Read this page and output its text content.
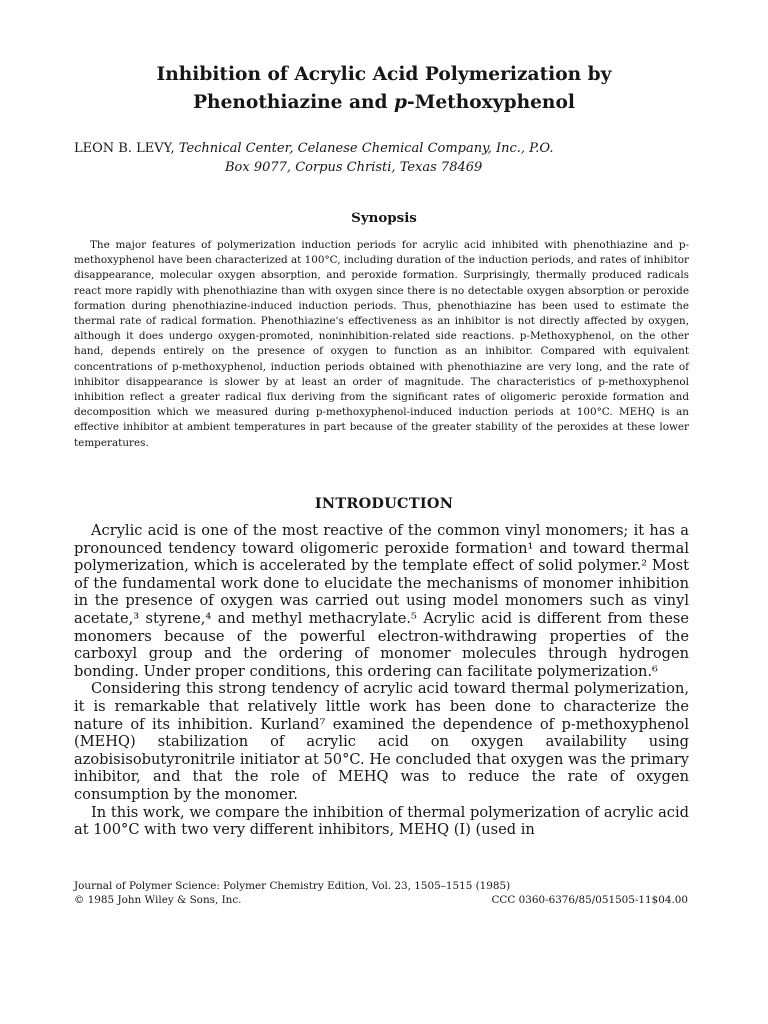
Inhibition of Acrylic Acid Polymerization by
Phenothiazine and p-Methoxyphenol
LEON B. LEVY, Technical Center, Celanese Chemical Company, Inc., P.O.
Box 9077, Corpus Christi, Texas 78469
Synopsis

The major features of polymerization induction periods for acrylic acid inhibited with phenothiazine and p-methoxyphenol have been characterized at 100°C, including duration of the induction periods, and rates of inhibitor disappearance, molecular oxygen absorption, and peroxide formation. Surprisingly, thermally produced radicals react more rapidly with phenothiazine than with oxygen since there is no detectable oxygen absorption or peroxide formation during phenothiazine-induced induction periods. Thus, phenothiazine has been used to estimate the thermal rate of radical formation. Phenothiazine's effectiveness as an inhibitor is not directly affected by oxygen, although it does undergo oxygen-promoted, noninhibition-related side reactions. p-Methoxyphenol, on the other hand, depends entirely on the presence of oxygen to function as an inhibitor. Compared with equivalent concentrations of p-methoxyphenol, induction periods obtained with phenothiazine are very long, and the rate of inhibitor disappearance is slower by at least an order of magnitude. The characteristics of p-methoxyphenol inhibition reflect a greater radical flux deriving from the significant rates of oligomeric peroxide formation and decomposition which we measured during p-methoxyphenol-induced induction periods at 100°C. MEHQ is an effective inhibitor at ambient temperatures in part because of the greater stability of the peroxides at these lower temperatures.

INTRODUCTION

Acrylic acid is one of the most reactive of the common vinyl monomers; it has a pronounced tendency toward oligomeric peroxide formation¹ and toward thermal polymerization, which is accelerated by the template effect of solid polymer.² Most of the fundamental work done to elucidate the mechanisms of monomer inhibition in the presence of oxygen was carried out using model monomers such as vinyl acetate,³ styrene,⁴ and methyl methacrylate.⁵ Acrylic acid is different from these monomers because of the powerful electron-withdrawing properties of the carboxyl group and the ordering of monomer molecules through hydrogen bonding. Under proper conditions, this ordering can facilitate polymerization.⁶

Considering this strong tendency of acrylic acid toward thermal polymerization, it is remarkable that relatively little work has been done to characterize the nature of its inhibition. Kurland⁷ examined the dependence of p-methoxyphenol (MEHQ) stabilization of acrylic acid on oxygen availability using azobisisobutyronitrile initiator at 50°C. He concluded that oxygen was the primary inhibitor, and that the role of MEHQ was to reduce the rate of oxygen consumption by the monomer.

In this work, we compare the inhibition of thermal polymerization of acrylic acid at 100°C with two very different inhibitors, MEHQ (I) (used in

Journal of Polymer Science: Polymer Chemistry Edition, Vol. 23, 1505–1515 (1985)
© 1985 John Wiley & Sons, Inc.	CCC 0360-6376/85/051505-11$04.00
